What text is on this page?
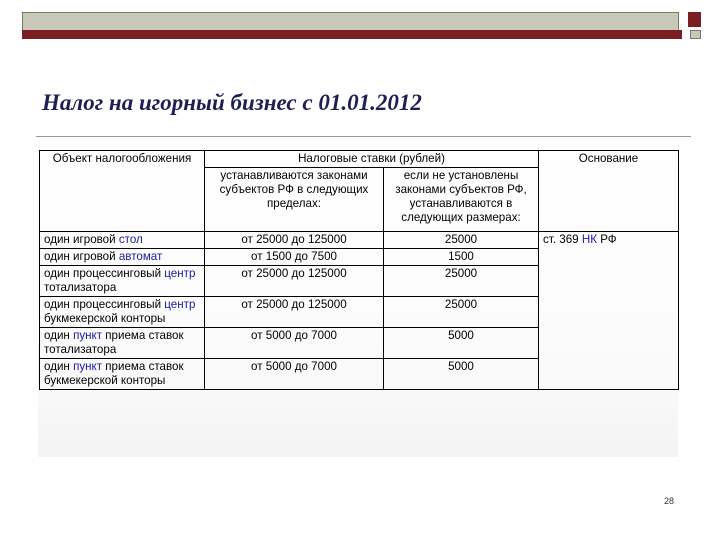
Налог на игорный бизнес с 01.01.2012
Объект налогообложения	Налоговые ставки (рублей)		Основание
	устанавливаются законами субъектов РФ в следующих пределах:	если не установлены законами субъектов РФ, устанавливаются в следующих размерах:	
один игровой стол	от 25000 до 125000	25000	ст. 369 НК РФ
один игровой автомат	от 1500 до 7500	1500	
один процессинговый центр тотализатора	от 25000 до 125000	25000	
один процессинговый центр букмекерской конторы	от 25000 до 125000	25000	
один пункт приема ставок тотализатора	от 5000 до 7000	5000	
один пункт приема ставок букмекерской конторы	от 5000 до 7000	5000	
28
